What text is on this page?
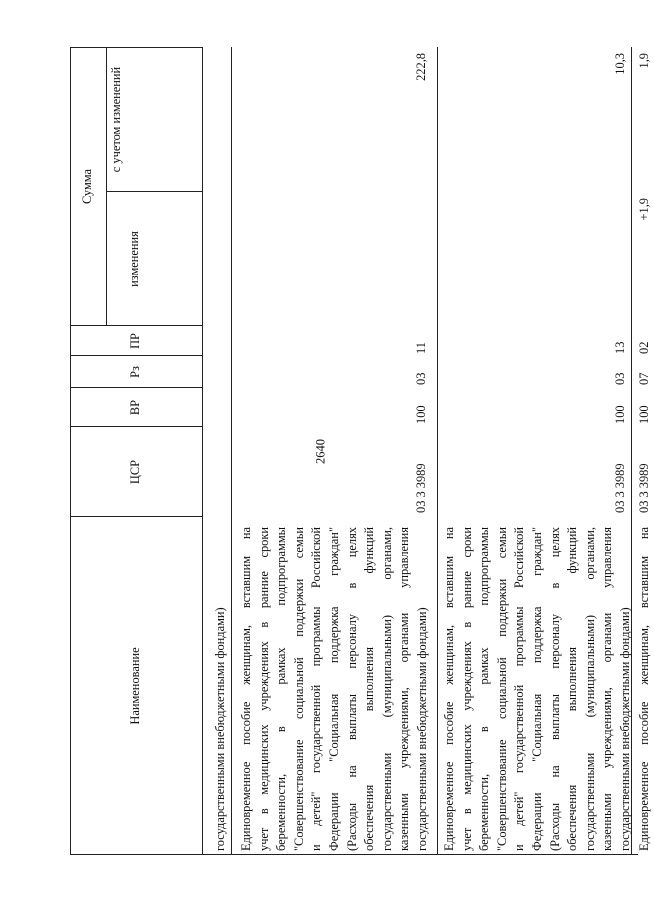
2640
Наименование
ЦСР
ВР
Рз
ПР
Сумма
изменения
с учетом изменений
государственными внебюджетными фондами) Единовременное пособие женщинам, вставшим на учет в медицинских учреждениях в ранние сроки беременности, в рамках подпрограммы "Совершенствование социальной поддержки семьи и детей" государственной программы Российской Федерации "Социальная поддержка граждан" (Расходы на выплаты персоналу в целях обеспечения выполнения функций государственными (муниципальными) органами, казенными учреждениями, органами управления государственными внебюджетными фондами)
03 3 3989
100
03
11
222,8
Единовременное пособие женщинам, вставшим на учет в медицинских учреждениях в ранние сроки беременности, в рамках подпрограммы "Совершенствование социальной поддержки семьи и детей" государственной программы Российской Федерации "Социальная поддержка граждан" (Расходы на выплаты персоналу в целях обеспечения выполнения функций государственными (муниципальными) органами, казенными учреждениями, органами управления государственными внебюджетными фондами)
03 3 3989
100
03
13
10,3
Единовременное пособие женщинам, вставшим на
03 3 3989
100
07
02
+1,9
1,9
